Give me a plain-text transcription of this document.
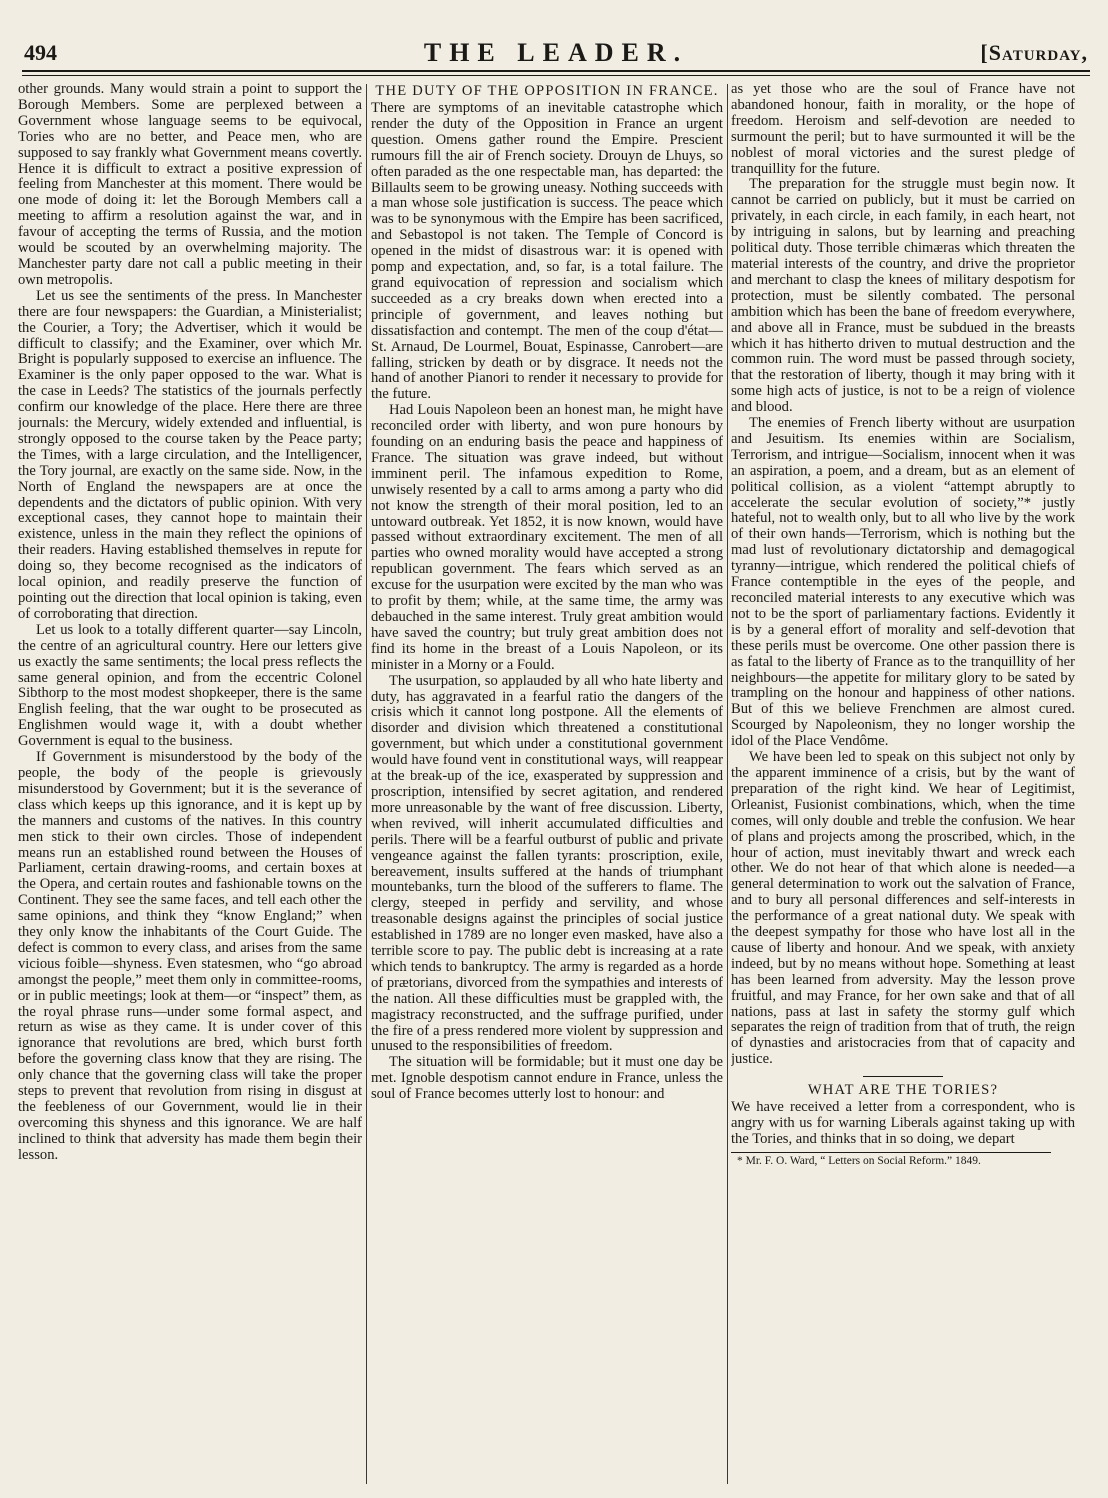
494	THE LEADER.	[Saturday,

other grounds. Many would strain a point to support the Borough Members. Some are perplexed between a Government whose language seems to be equivocal, Tories who are no better, and Peace men, who are supposed to say frankly what Government means covertly. Hence it is difficult to extract a positive expression of feeling from Manchester at this moment. There would be one mode of doing it: let the Borough Members call a meeting to affirm a resolution against the war, and in favour of accepting the terms of Russia, and the motion would be scouted by an overwhelming majority. The Manchester party dare not call a public meeting in their own metropolis.

Let us see the sentiments of the press. In Manchester there are four newspapers: the Guardian, a Ministerialist; the Courier, a Tory; the Advertiser, which it would be difficult to classify; and the Examiner, over which Mr. Bright is popularly supposed to exercise an influence. The Examiner is the only paper opposed to the war. What is the case in Leeds? The statistics of the journals perfectly confirm our knowledge of the place. Here there are three journals: the Mercury, widely extended and influential, is strongly opposed to the course taken by the Peace party; the Times, with a large circulation, and the Intelligencer, the Tory journal, are exactly on the same side. Now, in the North of England the newspapers are at once the dependents and the dictators of public opinion. With very exceptional cases, they cannot hope to maintain their existence, unless in the main they reflect the opinions of their readers. Having established themselves in repute for doing so, they become recognised as the indicators of local opinion, and readily preserve the function of pointing out the direction that local opinion is taking, even of corroborating that direction.

Let us look to a totally different quarter—say Lincoln, the centre of an agricultural country. Here our letters give us exactly the same sentiments; the local press reflects the same general opinion, and from the eccentric Colonel Sibthorp to the most modest shopkeeper, there is the same English feeling, that the war ought to be prosecuted as Englishmen would wage it, with a doubt whether Government is equal to the business.

If Government is misunderstood by the body of the people, the body of the people is grievously misunderstood by Government; but it is the severance of class which keeps up this ignorance, and it is kept up by the manners and customs of the natives. In this country men stick to their own circles. Those of independent means run an established round between the Houses of Parliament, certain drawing-rooms, and certain boxes at the Opera, and certain routes and fashionable towns on the Continent. They see the same faces, and tell each other the same opinions, and think they “know England;” when they only know the inhabitants of the Court Guide. The defect is common to every class, and arises from the same vicious foible—shyness. Even statesmen, who “go abroad amongst the people,” meet them only in committee-rooms, or in public meetings; look at them—or “inspect” them, as the royal phrase runs—under some formal aspect, and return as wise as they came. It is under cover of this ignorance that revolutions are bred, which burst forth before the governing class know that they are rising. The only chance that the governing class will take the proper steps to prevent that revolution from rising in disgust at the feebleness of our Government, would lie in their overcoming this shyness and this ignorance. We are half inclined to think that adversity has made them begin their lesson.

THE DUTY OF THE OPPOSITION IN FRANCE.

There are symptoms of an inevitable catastrophe which render the duty of the Opposition in France an urgent question. Omens gather round the Empire. Prescient rumours fill the air of French society. Drouyn de Lhuys, so often paraded as the one respectable man, has departed: the Billaults seem to be growing uneasy. Nothing succeeds with a man whose sole justification is success. The peace which was to be synonymous with the Empire has been sacrificed, and Sebastopol is not taken. The Temple of Concord is opened in the midst of disastrous war: it is opened with pomp and expectation, and, so far, is a total failure. The grand equivocation of repression and socialism which succeeded as a cry breaks down when erected into a principle of government, and leaves nothing but dissatisfaction and contempt. The men of the coup d'état—St. Arnaud, De Lourmel, Bouat, Espinasse, Canrobert—are falling, stricken by death or by disgrace. It needs not the hand of another Pianori to render it necessary to provide for the future.

Had Louis Napoleon been an honest man, he might have reconciled order with liberty, and won pure honours by founding on an enduring basis the peace and happiness of France. The situation was grave indeed, but without imminent peril. The infamous expedition to Rome, unwisely resented by a call to arms among a party who did not know the strength of their moral position, led to an untoward outbreak. Yet 1852, it is now known, would have passed without extraordinary excitement. The men of all parties who owned morality would have accepted a strong republican government. The fears which served as an excuse for the usurpation were excited by the man who was to profit by them; while, at the same time, the army was debauched in the same interest. Truly great ambition would have saved the country; but truly great ambition does not find its home in the breast of a Louis Napoleon, or its minister in a Morny or a Fould.

The usurpation, so applauded by all who hate liberty and duty, has aggravated in a fearful ratio the dangers of the crisis which it cannot long postpone. All the elements of disorder and division which threatened a constitutional government, but which under a constitutional government would have found vent in constitutional ways, will reappear at the break-up of the ice, exasperated by suppression and proscription, intensified by secret agitation, and rendered more unreasonable by the want of free discussion. Liberty, when revived, will inherit accumulated difficulties and perils. There will be a fearful outburst of public and private vengeance against the fallen tyrants: proscription, exile, bereavement, insults suffered at the hands of triumphant mountebanks, turn the blood of the sufferers to flame. The clergy, steeped in perfidy and servility, and whose treasonable designs against the principles of social justice established in 1789 are no longer even masked, have also a terrible score to pay. The public debt is increasing at a rate which tends to bankruptcy. The army is regarded as a horde of prætorians, divorced from the sympathies and interests of the nation. All these difficulties must be grappled with, the magistracy reconstructed, and the suffrage purified, under the fire of a press rendered more violent by suppression and unused to the responsibilities of freedom.

The situation will be formidable; but it must one day be met. Ignoble despotism cannot endure in France, unless the soul of France becomes utterly lost to honour: and

as yet those who are the soul of France have not abandoned honour, faith in morality, or the hope of freedom. Heroism and self-devotion are needed to surmount the peril; but to have surmounted it will be the noblest of moral victories and the surest pledge of tranquillity for the future.

The preparation for the struggle must begin now. It cannot be carried on publicly, but it must be carried on privately, in each circle, in each family, in each heart, not by intriguing in salons, but by learning and preaching political duty. Those terrible chimæras which threaten the material interests of the country, and drive the proprietor and merchant to clasp the knees of military despotism for protection, must be silently combated. The personal ambition which has been the bane of freedom everywhere, and above all in France, must be subdued in the breasts which it has hitherto driven to mutual destruction and the common ruin. The word must be passed through society, that the restoration of liberty, though it may bring with it some high acts of justice, is not to be a reign of violence and blood.

The enemies of French liberty without are usurpation and Jesuitism. Its enemies within are Socialism, Terrorism, and intrigue—Socialism, innocent when it was an aspiration, a poem, and a dream, but as an element of political collision, as a violent “attempt abruptly to accelerate the secular evolution of society,”* justly hateful, not to wealth only, but to all who live by the work of their own hands—Terrorism, which is nothing but the mad lust of revolutionary dictatorship and demagogical tyranny—intrigue, which rendered the political chiefs of France contemptible in the eyes of the people, and reconciled material interests to any executive which was not to be the sport of parliamentary factions. Evidently it is by a general effort of morality and self-devotion that these perils must be overcome. One other passion there is as fatal to the liberty of France as to the tranquillity of her neighbours—the appetite for military glory to be sated by trampling on the honour and happiness of other nations. But of this we believe Frenchmen are almost cured. Scourged by Napoleonism, they no longer worship the idol of the Place Vendôme.

We have been led to speak on this subject not only by the apparent imminence of a crisis, but by the want of preparation of the right kind. We hear of Legitimist, Orleanist, Fusionist combinations, which, when the time comes, will only double and treble the confusion. We hear of plans and projects among the proscribed, which, in the hour of action, must inevitably thwart and wreck each other. We do not hear of that which alone is needed—a general determination to work out the salvation of France, and to bury all personal differences and self-interests in the performance of a great national duty. We speak with the deepest sympathy for those who have lost all in the cause of liberty and honour. And we speak, with anxiety indeed, but by no means without hope. Something at least has been learned from adversity. May the lesson prove fruitful, and may France, for her own sake and that of all nations, pass at last in safety the stormy gulf which separates the reign of tradition from that of truth, the reign of dynasties and aristocracies from that of capacity and justice.

WHAT ARE THE TORIES?

We have received a letter from a correspondent, who is angry with us for warning Liberals against taking up with the Tories, and thinks that in so doing, we depart

* Mr. F. O. Ward, “ Letters on Social Reform.” 1849.
